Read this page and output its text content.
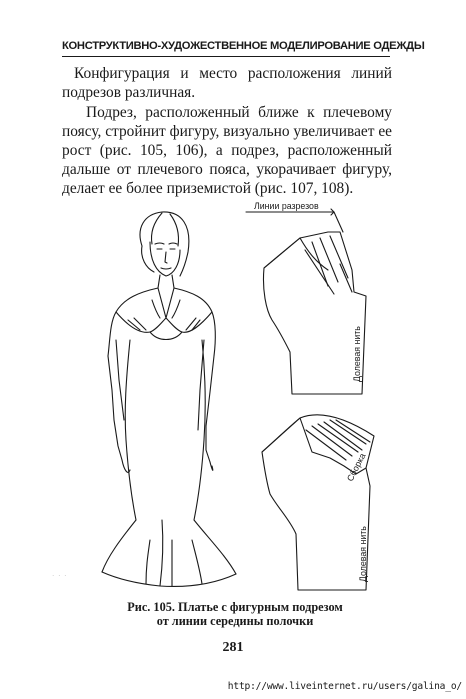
КОНСТРУКТИВНО-ХУДОЖЕСТВЕННОЕ МОДЕЛИРОВАНИЕ ОДЕЖДЫ

Конфигурация и место расположения линий подрезов различная.

Подрез, расположенный ближе к плечевому поясу, стройнит фигуру, визуально увеличивает ее рост (рис. 105, 106), а подрез, расположенный дальше от плечевого пояса, укорачивает фигуру, делает ее более приземистой (рис. 107, 108).

Линии разрезов
Долевая нить
Сборка
Долевая нить
· · ·
Рис. 105. Платье с фигурным подрезом
от линии середины полочки
281
http://www.liveinternet.ru/users/galina_o/
